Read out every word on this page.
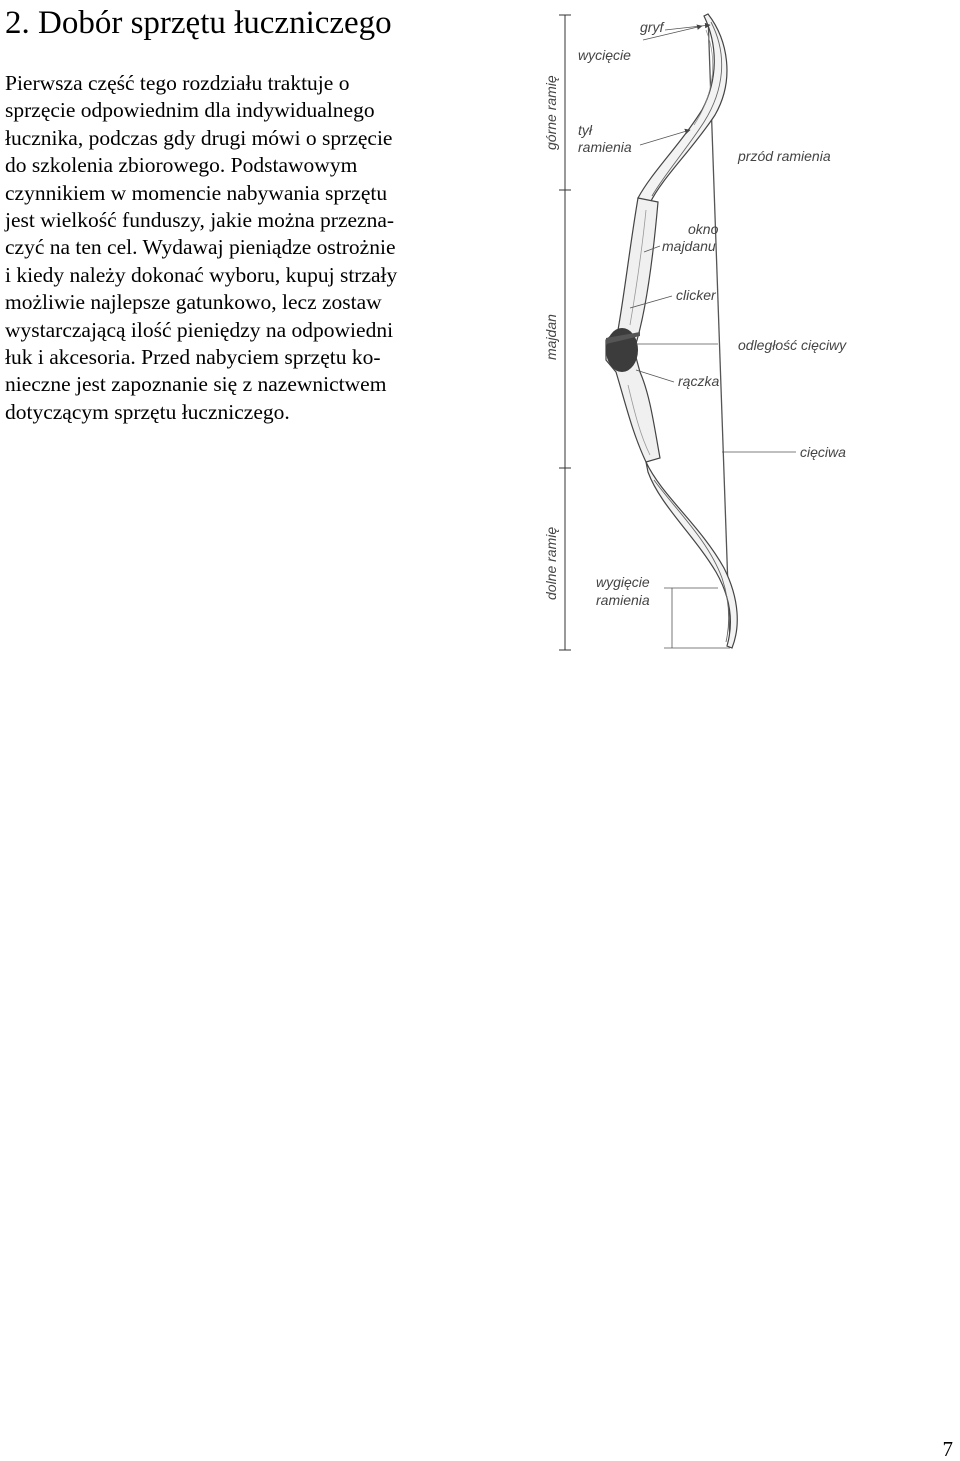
2. Dobór sprzętu łuczniczego
Pierwsza część tego rozdziału traktuje o
sprzęcie odpowiednim dla indywidualnego
łucznika, podczas gdy drugi mówi o sprzęcie
do szkolenia zbiorowego. Podstawowym
czynnikiem w momencie nabywania sprzętu
jest wielkość funduszy, jakie można przezna-
czyć na ten cel. Wydawaj pieniądze ostrożnie
i kiedy należy dokonać wyboru, kupuj strzały
możliwie najlepsze gatunkowo, lecz zostaw
wystarczającą ilość pieniędzy na odpowiedni
łuk i akcesoria. Przed nabyciem sprzętu ko-
nieczne jest zapoznanie się z nazewnictwem
dotyczącym sprzętu łuczniczego.
górne ramię
majdan
dolne ramię
gryf
wycięcie
tył
ramienia
przód ramienia
okno
majdanu
clicker
odległość cięciwy
rączka
cięciwa
wygięcie
ramienia
7
